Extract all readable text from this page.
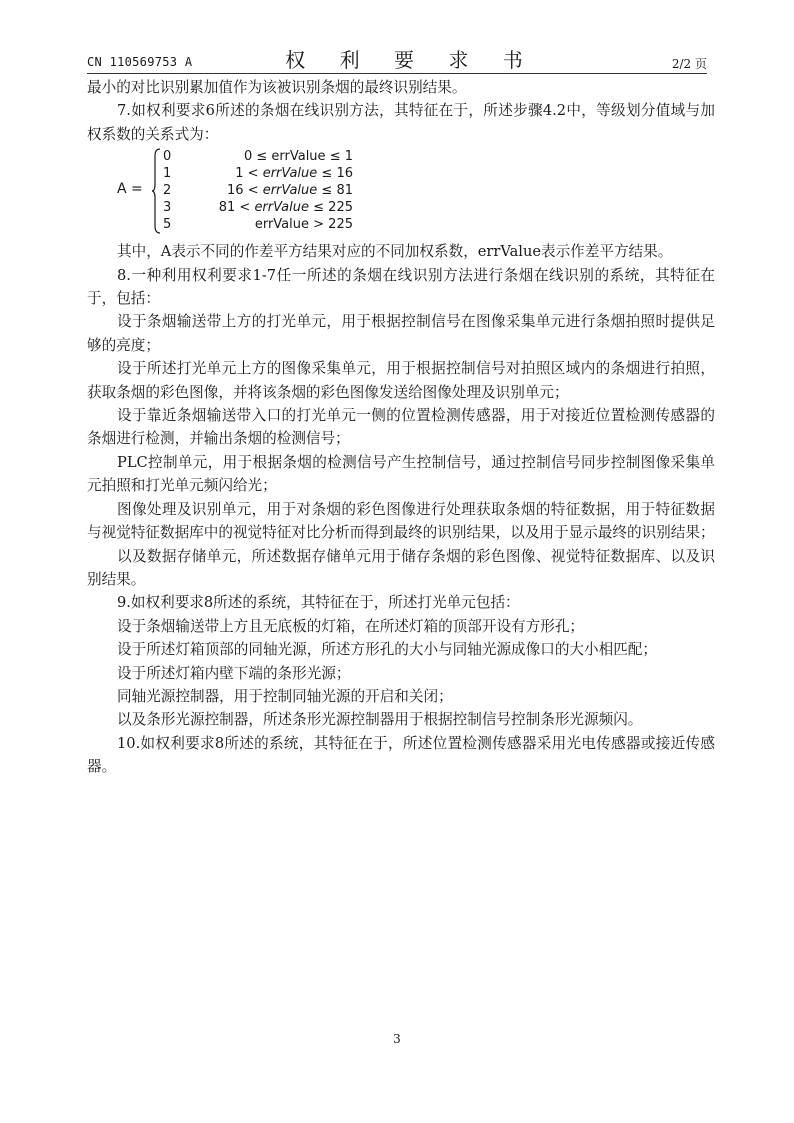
CN 110569753 A	权 利 要 求 书	2/2 页

最小的对比识别累加值作为该被识别条烟的最终识别结果。

7.如权利要求6所述的条烟在线识别方法，其特征在于，所述步骤4.2中，等级划分值域与加权系数的关系式为：

A =
0	0 ≤ errValue ≤ 1
1	1 < errValue ≤ 16
2	16 < errValue ≤ 81
3	81 < errValue ≤ 225
5	errValue > 225

其中，A表示不同的作差平方结果对应的不同加权系数，errValue表示作差平方结果。

8.一种利用权利要求1-7任一所述的条烟在线识别方法进行条烟在线识别的系统，其特征在于，包括：

设于条烟输送带上方的打光单元，用于根据控制信号在图像采集单元进行条烟拍照时提供足够的亮度；

设于所述打光单元上方的图像采集单元，用于根据控制信号对拍照区域内的条烟进行拍照，获取条烟的彩色图像，并将该条烟的彩色图像发送给图像处理及识别单元；

设于靠近条烟输送带入口的打光单元一侧的位置检测传感器，用于对接近位置检测传感器的条烟进行检测，并输出条烟的检测信号；

PLC控制单元，用于根据条烟的检测信号产生控制信号，通过控制信号同步控制图像采集单元拍照和打光单元频闪给光；

图像处理及识别单元，用于对条烟的彩色图像进行处理获取条烟的特征数据，用于特征数据与视觉特征数据库中的视觉特征对比分析而得到最终的识别结果，以及用于显示最终的识别结果；

以及数据存储单元，所述数据存储单元用于储存条烟的彩色图像、视觉特征数据库、以及识别结果。

9.如权利要求8所述的系统，其特征在于，所述打光单元包括：

设于条烟输送带上方且无底板的灯箱，在所述灯箱的顶部开设有方形孔；

设于所述灯箱顶部的同轴光源，所述方形孔的大小与同轴光源成像口的大小相匹配；

设于所述灯箱内壁下端的条形光源；

同轴光源控制器，用于控制同轴光源的开启和关闭；

以及条形光源控制器，所述条形光源控制器用于根据控制信号控制条形光源频闪。

10.如权利要求8所述的系统，其特征在于，所述位置检测传感器采用光电传感器或接近传感器。

3
